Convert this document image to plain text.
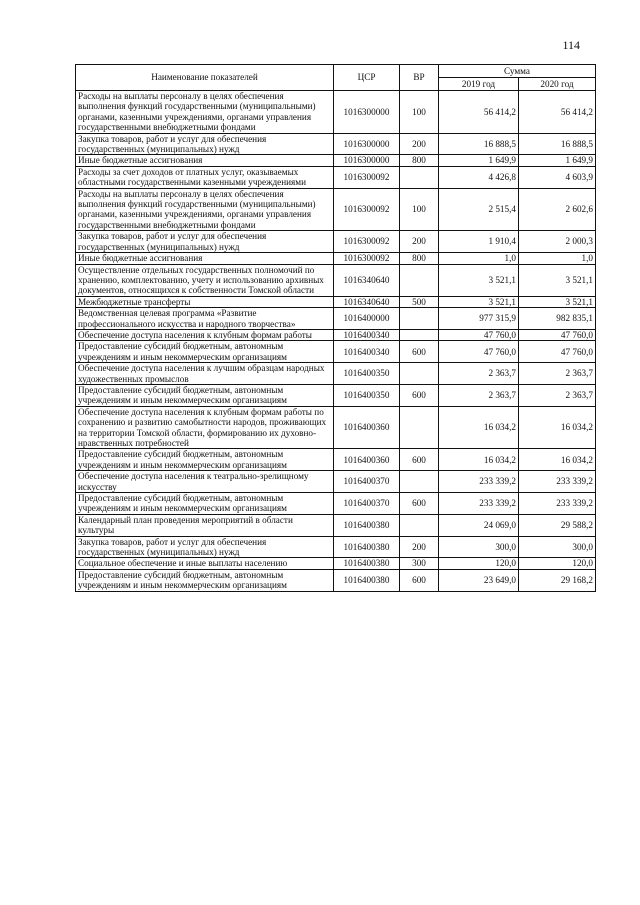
114
Наименование показателей	ЦСР	ВР	Сумма	
			2019 год	2020 год
Расходы на выплаты персоналу в целях обеспечения выполнения функций государственными (муниципальными) органами, казенными учреждениями, органами управления государственными внебюджетными фондами	1016300000	100	56 414,2	56 414,2
Закупка товаров, работ и услуг для обеспечения государственных (муниципальных) нужд	1016300000	200	16 888,5	16 888,5
Иные бюджетные ассигнования	1016300000	800	1 649,9	1 649,9
Расходы за счет доходов от платных услуг, оказываемых областными государственными казенными учреждениями	1016300092		4 426,8	4 603,9
Расходы на выплаты персоналу в целях обеспечения выполнения функций государственными (муниципальными) органами, казенными учреждениями, органами управления государственными внебюджетными фондами	1016300092	100	2 515,4	2 602,6
Закупка товаров, работ и услуг для обеспечения государственных (муниципальных) нужд	1016300092	200	1 910,4	2 000,3
Иные бюджетные ассигнования	1016300092	800	1,0	1,0
Осуществление отдельных государственных полномочий по хранению, комплектованию, учету и использованию архивных документов, относящихся к собственности Томской области	1016340640		3 521,1	3 521,1
Межбюджетные трансферты	1016340640	500	3 521,1	3 521,1
Ведомственная целевая программа «Развитие профессионального искусства и народного творчества»	1016400000		977 315,9	982 835,1
Обеспечение доступа населения к клубным формам работы	1016400340		47 760,0	47 760,0
Предоставление субсидий бюджетным, автономным учреждениям и иным некоммерческим организациям	1016400340	600	47 760,0	47 760,0
Обеспечение доступа населения к лучшим образцам народных художественных промыслов	1016400350		2 363,7	2 363,7
Предоставление субсидий бюджетным, автономным учреждениям и иным некоммерческим организациям	1016400350	600	2 363,7	2 363,7
Обеспечение доступа населения к клубным формам работы по сохранению и развитию самобытности народов, проживающих на территории Томской области, формированию их духовно-нравственных потребностей	1016400360		16 034,2	16 034,2
Предоставление субсидий бюджетным, автономным учреждениям и иным некоммерческим организациям	1016400360	600	16 034,2	16 034,2
Обеспечение доступа населения к театрально-зрелищному искусству	1016400370		233 339,2	233 339,2
Предоставление субсидий бюджетным, автономным учреждениям и иным некоммерческим организациям	1016400370	600	233 339,2	233 339,2
Календарный план проведения мероприятий в области культуры	1016400380		24 069,0	29 588,2
Закупка товаров, работ и услуг для обеспечения государственных (муниципальных) нужд	1016400380	200	300,0	300,0
Социальное обеспечение и иные выплаты населению	1016400380	300	120,0	120,0
Предоставление субсидий бюджетным, автономным учреждениям и иным некоммерческим организациям	1016400380	600	23 649,0	29 168,2
